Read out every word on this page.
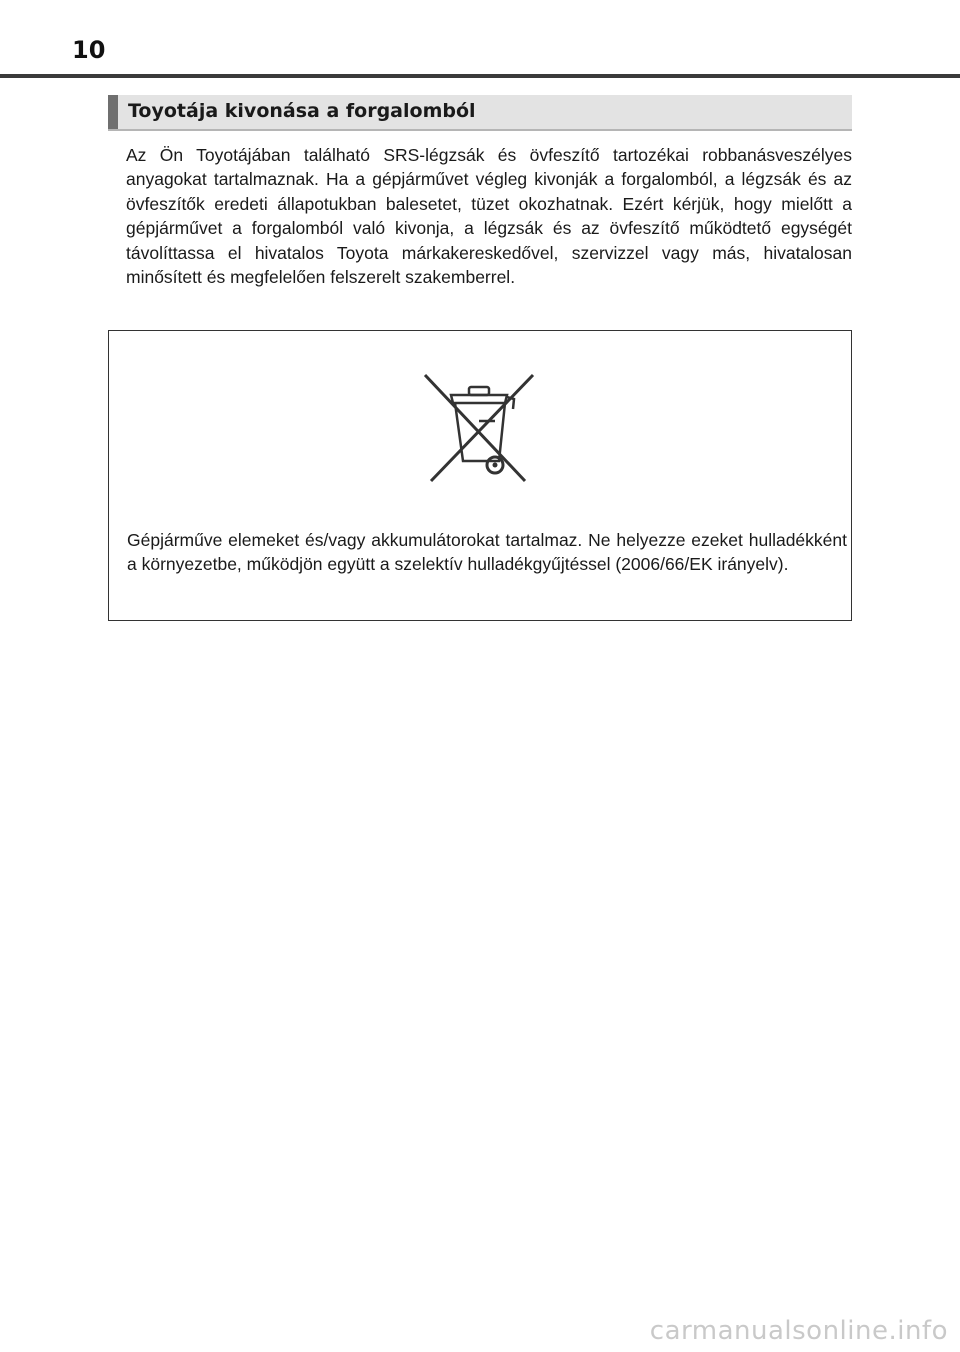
10
Toyotája kivonása a forgalomból

Az Ön Toyotájában található SRS-légzsák és övfeszítő tartozékai robbanásveszélyes anyagokat tartalmaznak. Ha a gépjárművet végleg kivonják a forgalomból, a légzsák és az övfeszítők eredeti állapotukban balesetet, tüzet okozhatnak. Ezért kérjük, hogy mielőtt a gépjárművet a forgalomból való kivonja, a légzsák és az övfeszítő működtető egységét távolíttassa el hivatalos Toyota márkakereskedővel, szervizzel vagy más, hivatalosan minősített és megfelelően felszerelt szakemberrel.

Gépjárműve elemeket és/vagy akkumulátorokat tartalmaz. Ne helyezze ezeket hulladékként a környezetbe, működjön együtt a szelektív hulladékgyűjtéssel (2006/66/EK irányelv).

carmanualsonline.info
